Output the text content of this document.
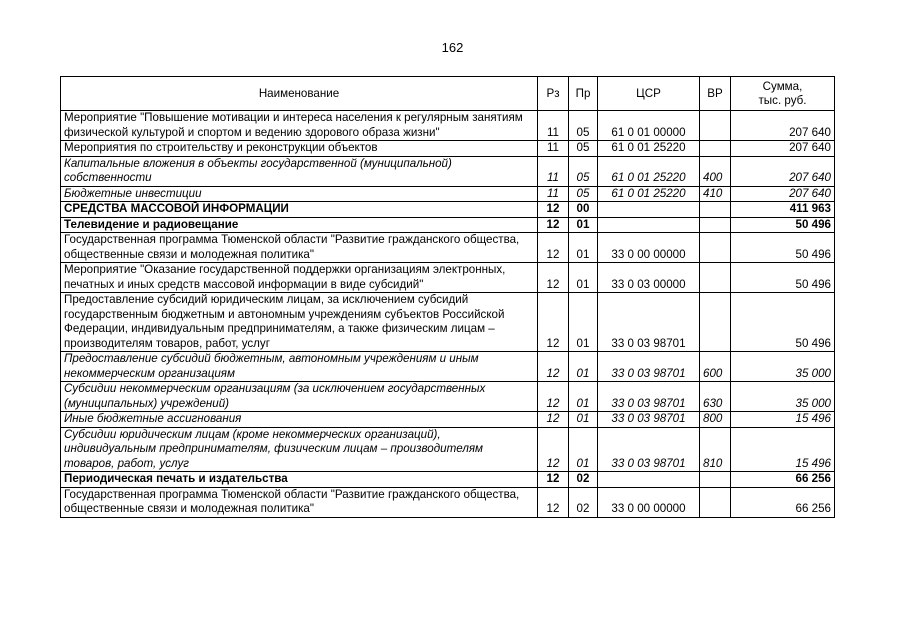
162
Наименование	Рз	Пр	ЦСР	ВР	Сумма,
тыс. руб.
Мероприятие "Повышение мотивации и интереса населения к регулярным занятиям физической культурой и спортом и ведению здорового образа жизни"	11	05	61 0 01 00000		207 640
Мероприятия по строительству и реконструкции объектов	11	05	61 0 01 25220		207 640
Капитальные вложения в объекты государственной (муниципальной) собственности	11	05	61 0 01 25220	400	207 640
Бюджетные инвестиции	11	05	61 0 01 25220	410	207 640
СРЕДСТВА МАССОВОЙ ИНФОРМАЦИИ	12	00			411 963
Телевидение и радиовещание	12	01			50 496
Государственная программа Тюменской области "Развитие гражданского общества, общественные связи и молодежная политика"	12	01	33 0 00 00000		50 496
Мероприятие "Оказание государственной поддержки организациям электронных, печатных и иных средств массовой информации в виде субсидий"	12	01	33 0 03 00000		50 496
Предоставление субсидий юридическим лицам, за исключением субсидий государственным бюджетным и автономным учреждениям субъектов Российской Федерации, индивидуальным предпринимателям, а также физическим лицам – производителям товаров, работ, услуг	12	01	33 0 03 98701		50 496
Предоставление субсидий бюджетным, автономным учреждениям и иным некоммерческим организациям	12	01	33 0 03 98701	600	35 000
Субсидии некоммерческим организациям (за исключением государственных (муниципальных) учреждений)	12	01	33 0 03 98701	630	35 000
Иные бюджетные ассигнования	12	01	33 0 03 98701	800	15 496
Субсидии юридическим лицам (кроме некоммерческих организаций), индивидуальным предпринимателям, физическим лицам – производителям товаров, работ, услуг	12	01	33 0 03 98701	810	15 496
Периодическая печать и издательства	12	02			66 256
Государственная программа Тюменской области "Развитие гражданского общества, общественные связи и молодежная политика"	12	02	33 0 00 00000		66 256
